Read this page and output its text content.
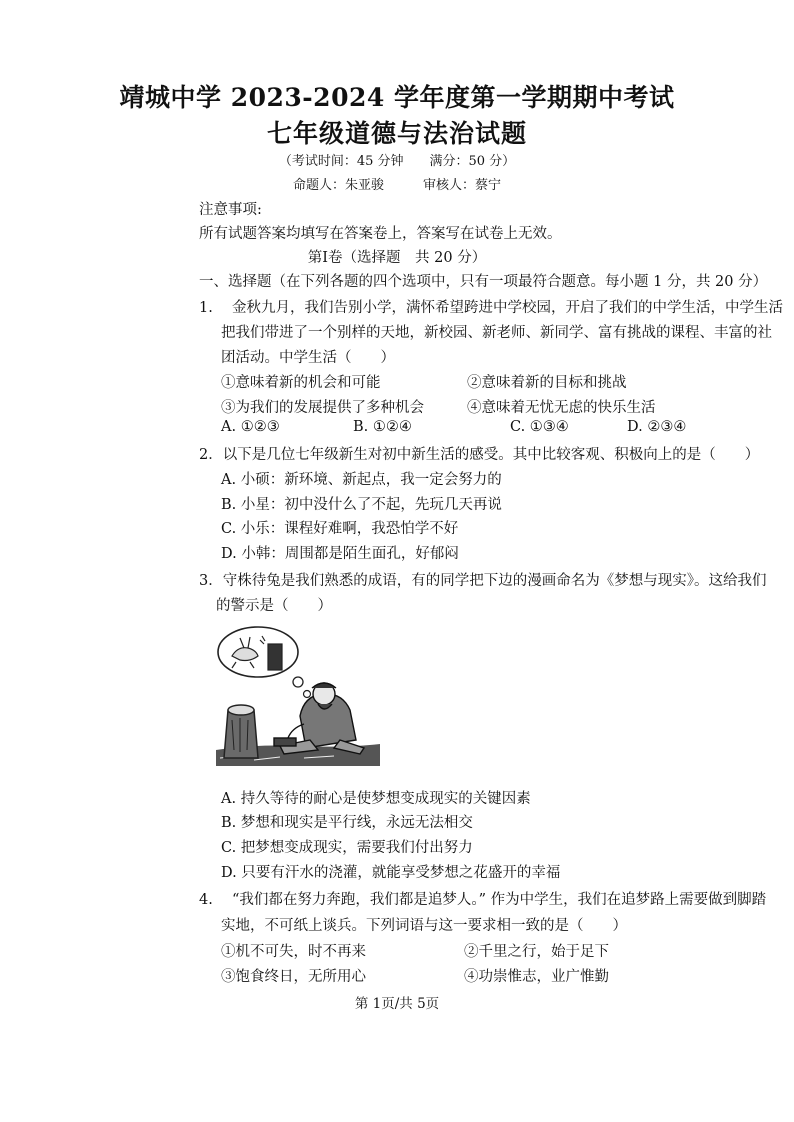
靖城中学 2023-2024 学年度第一学期期中考试
七年级道德与法治试题
（考试时间：45 分钟　　满分：50 分）
命题人：朱亚骏　　　审核人：蔡宁
注意事项:
所有试题答案均填写在答案卷上，答案写在试卷上无效。
第Ⅰ卷（选择题　共 20 分）
一、选择题（在下列各题的四个选项中，只有一项最符合题意。每小题 1 分，共 20 分）
1.　 金秋九月，我们告别小学，满怀希望跨进中学校园，开启了我们的中学生活，中学生活
把我们带进了一个别样的天地，新校园、新老师、新同学、富有挑战的课程、丰富的社
团活动。中学生活（　　）
①意味着新的机会和可能	②意味着新的目标和挑战
③为我们的发展提供了多种机会	④意味着无忧无虑的快乐生活
A. ①②③	B. ①②④	C. ①③④	D. ②③④
2．以下是几位七年级新生对初中新生活的感受。其中比较客观、积极向上的是（　　）
A. 小硕：新环境、新起点，我一定会努力的
B. 小星：初中没什么了不起，先玩几天再说
C. 小乐：课程好难啊，我恐怕学不好
D. 小韩：周围都是陌生面孔，好郁闷
3．守株待兔是我们熟悉的成语，有的同学把下边的漫画命名为《梦想与现实》。这给我们
的警示是（　　）
A. 持久等待的耐心是使梦想变成现实的关键因素
B. 梦想和现实是平行线，永远无法相交
C. 把梦想变成现实，需要我们付出努力
D. 只要有汗水的浇灌，就能享受梦想之花盛开的幸福
4.　 “我们都在努力奔跑，我们都是追梦人。” 作为中学生，我们在追梦路上需要做到脚踏
实地，不可纸上谈兵。下列词语与这一要求相一致的是（　　）
①机不可失，时不再来	②千里之行，始于足下
③饱食终日，无所用心	④功崇惟志，业广惟勤
第 1页/共 5页
